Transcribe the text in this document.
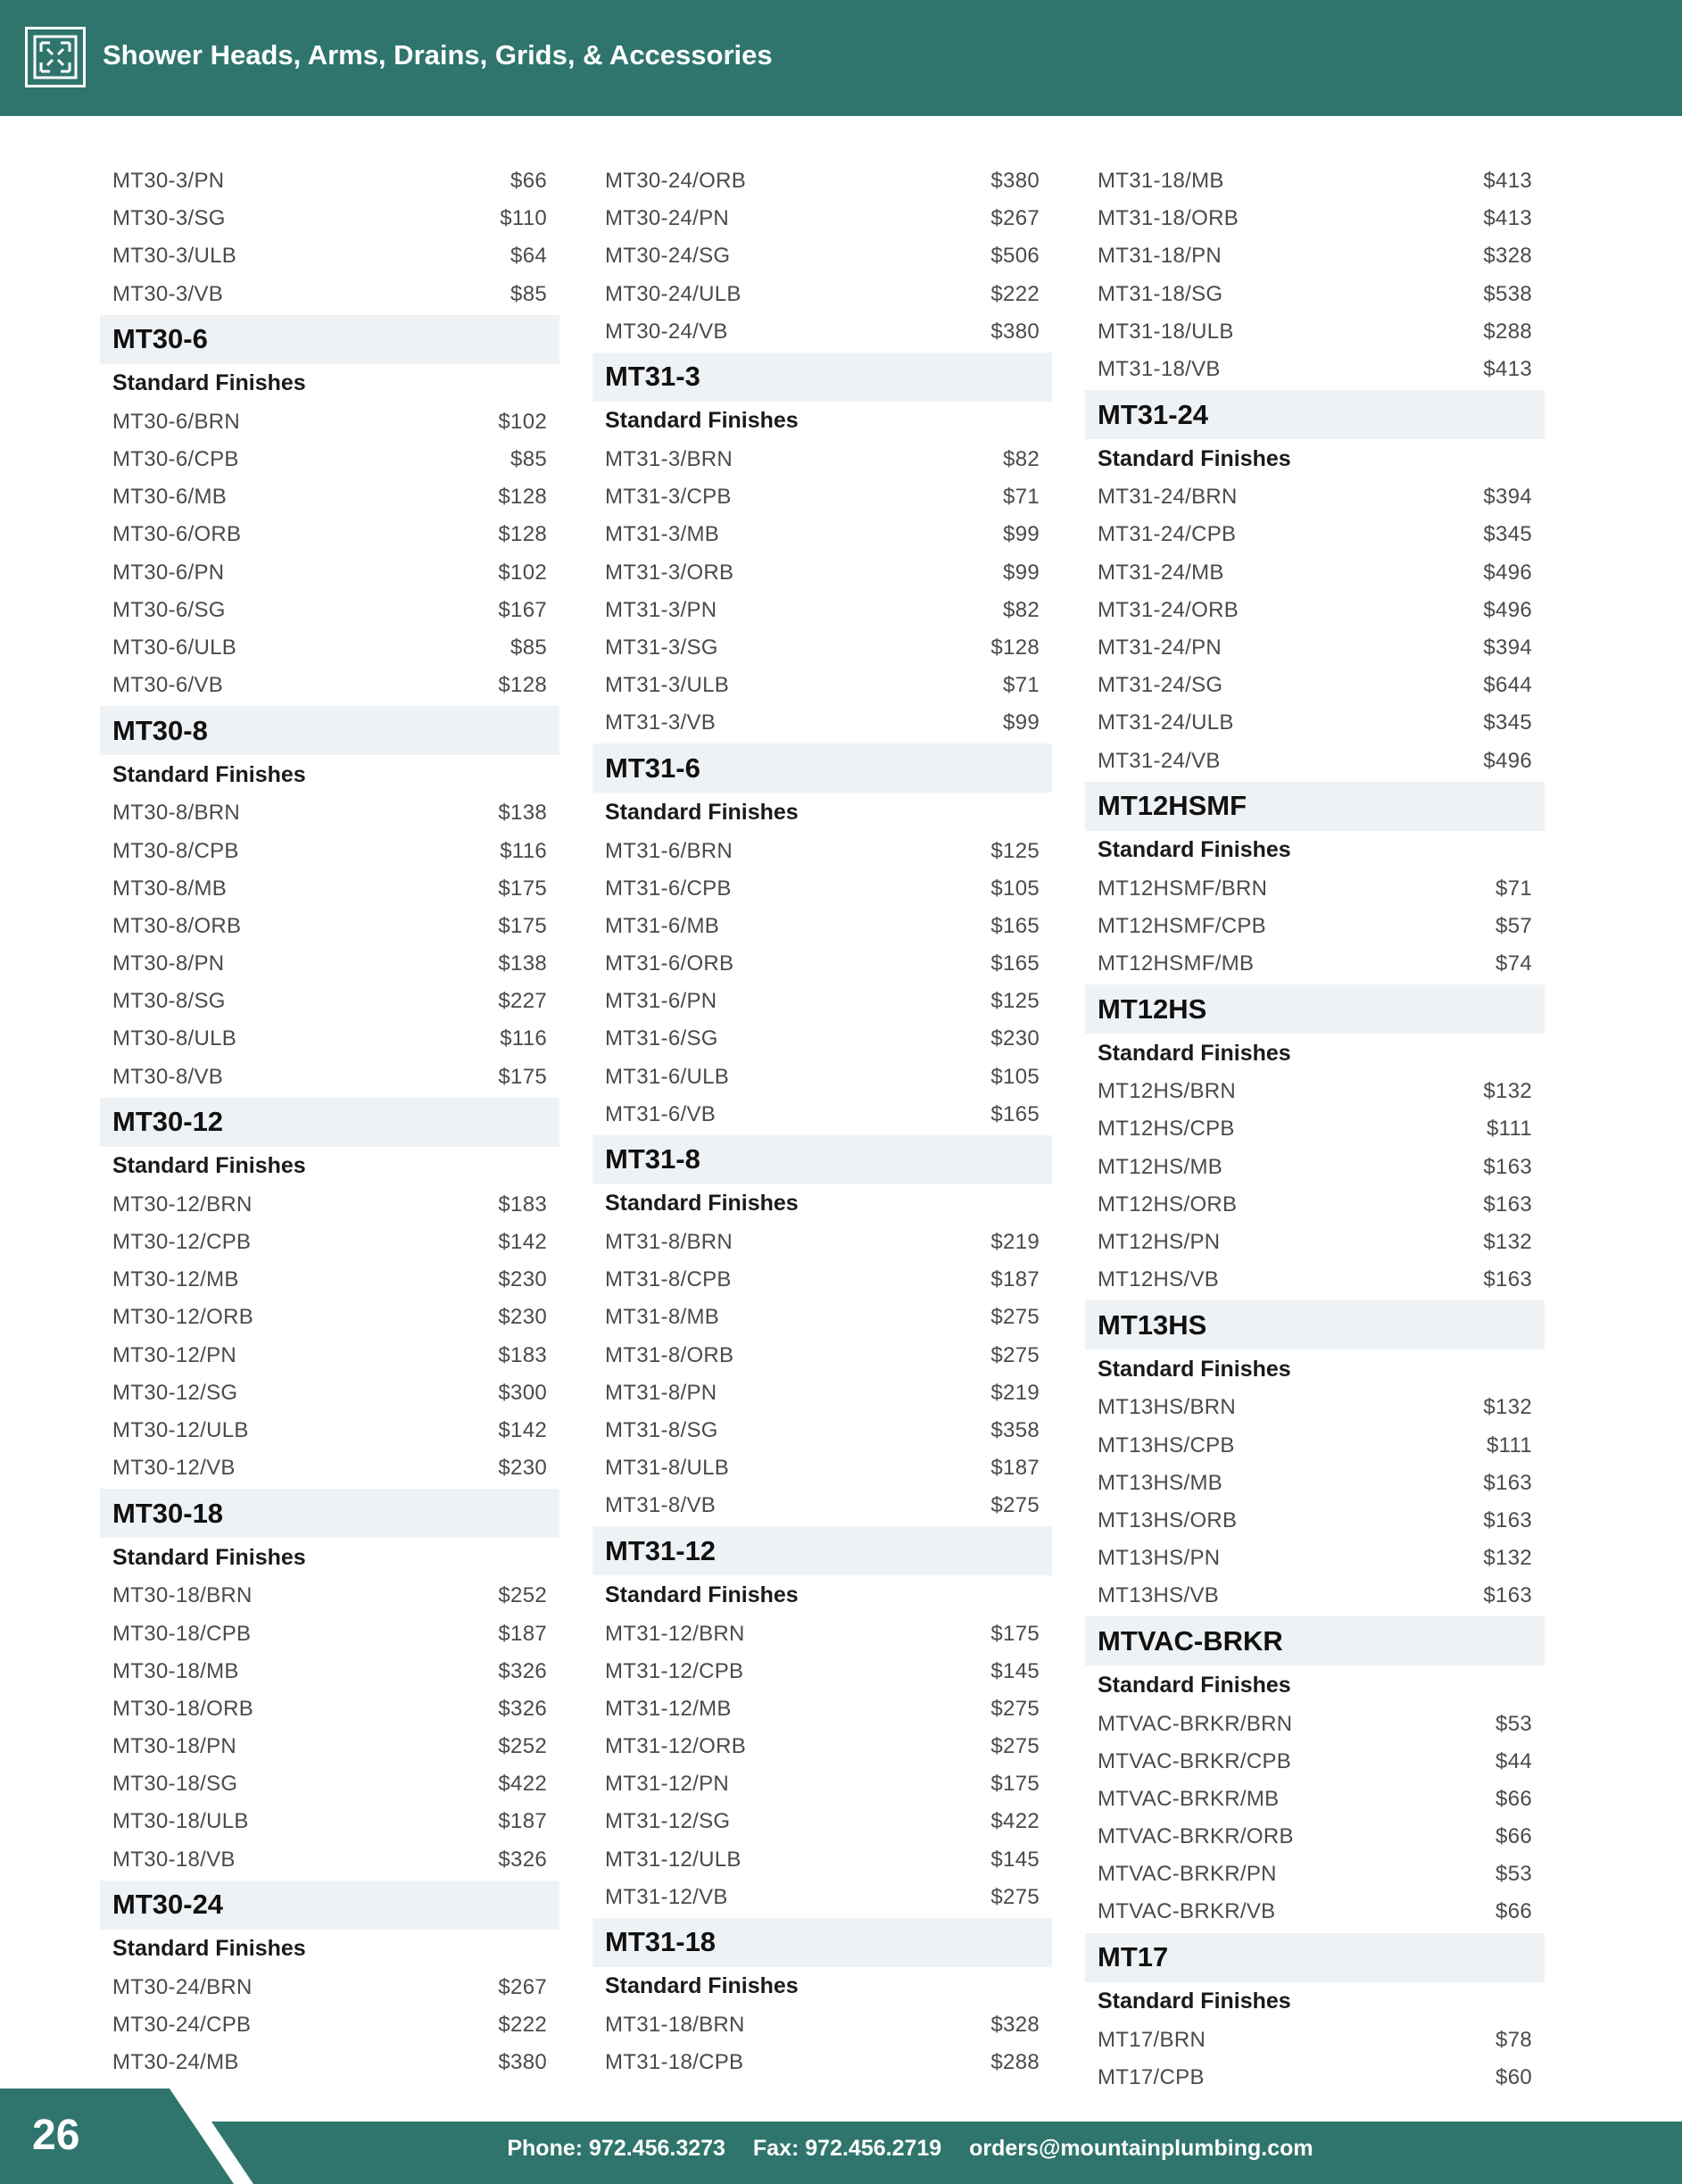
Shower Heads, Arms, Drains, Grids, & Accessories
MT30-3/PN	$66
MT30-3/SG	$110
MT30-3/ULB	$64
MT30-3/VB	$85
MT30-6
Standard Finishes
MT30-6/BRN	$102
MT30-6/CPB	$85
MT30-6/MB	$128
MT30-6/ORB	$128
MT30-6/PN	$102
MT30-6/SG	$167
MT30-6/ULB	$85
MT30-6/VB	$128
MT30-8
Standard Finishes
MT30-8/BRN	$138
MT30-8/CPB	$116
MT30-8/MB	$175
MT30-8/ORB	$175
MT30-8/PN	$138
MT30-8/SG	$227
MT30-8/ULB	$116
MT30-8/VB	$175
MT30-12
Standard Finishes
MT30-12/BRN	$183
MT30-12/CPB	$142
MT30-12/MB	$230
MT30-12/ORB	$230
MT30-12/PN	$183
MT30-12/SG	$300
MT30-12/ULB	$142
MT30-12/VB	$230
MT30-18
Standard Finishes
MT30-18/BRN	$252
MT30-18/CPB	$187
MT30-18/MB	$326
MT30-18/ORB	$326
MT30-18/PN	$252
MT30-18/SG	$422
MT30-18/ULB	$187
MT30-18/VB	$326
MT30-24
Standard Finishes
MT30-24/BRN	$267
MT30-24/CPB	$222
MT30-24/MB	$380
MT30-24/ORB	$380
MT30-24/PN	$267
MT30-24/SG	$506
MT30-24/ULB	$222
MT30-24/VB	$380
MT31-3
Standard Finishes
MT31-3/BRN	$82
MT31-3/CPB	$71
MT31-3/MB	$99
MT31-3/ORB	$99
MT31-3/PN	$82
MT31-3/SG	$128
MT31-3/ULB	$71
MT31-3/VB	$99
MT31-6
Standard Finishes
MT31-6/BRN	$125
MT31-6/CPB	$105
MT31-6/MB	$165
MT31-6/ORB	$165
MT31-6/PN	$125
MT31-6/SG	$230
MT31-6/ULB	$105
MT31-6/VB	$165
MT31-8
Standard Finishes
MT31-8/BRN	$219
MT31-8/CPB	$187
MT31-8/MB	$275
MT31-8/ORB	$275
MT31-8/PN	$219
MT31-8/SG	$358
MT31-8/ULB	$187
MT31-8/VB	$275
MT31-12
Standard Finishes
MT31-12/BRN	$175
MT31-12/CPB	$145
MT31-12/MB	$275
MT31-12/ORB	$275
MT31-12/PN	$175
MT31-12/SG	$422
MT31-12/ULB	$145
MT31-12/VB	$275
MT31-18
Standard Finishes
MT31-18/BRN	$328
MT31-18/CPB	$288
MT31-18/MB	$413
MT31-18/ORB	$413
MT31-18/PN	$328
MT31-18/SG	$538
MT31-18/ULB	$288
MT31-18/VB	$413
MT31-24
Standard Finishes
MT31-24/BRN	$394
MT31-24/CPB	$345
MT31-24/MB	$496
MT31-24/ORB	$496
MT31-24/PN	$394
MT31-24/SG	$644
MT31-24/ULB	$345
MT31-24/VB	$496
MT12HSMF
Standard Finishes
MT12HSMF/BRN	$71
MT12HSMF/CPB	$57
MT12HSMF/MB	$74
MT12HS
Standard Finishes
MT12HS/BRN	$132
MT12HS/CPB	$111
MT12HS/MB	$163
MT12HS/ORB	$163
MT12HS/PN	$132
MT12HS/VB	$163
MT13HS
Standard Finishes
MT13HS/BRN	$132
MT13HS/CPB	$111
MT13HS/MB	$163
MT13HS/ORB	$163
MT13HS/PN	$132
MT13HS/VB	$163
MTVAC-BRKR
Standard Finishes
MTVAC-BRKR/BRN	$53
MTVAC-BRKR/CPB	$44
MTVAC-BRKR/MB	$66
MTVAC-BRKR/ORB	$66
MTVAC-BRKR/PN	$53
MTVAC-BRKR/VB	$66
MT17
Standard Finishes
MT17/BRN	$78
MT17/CPB	$60
26	Phone: 972.456.3273 Fax: 972.456.2719 orders@mountainplumbing.com
